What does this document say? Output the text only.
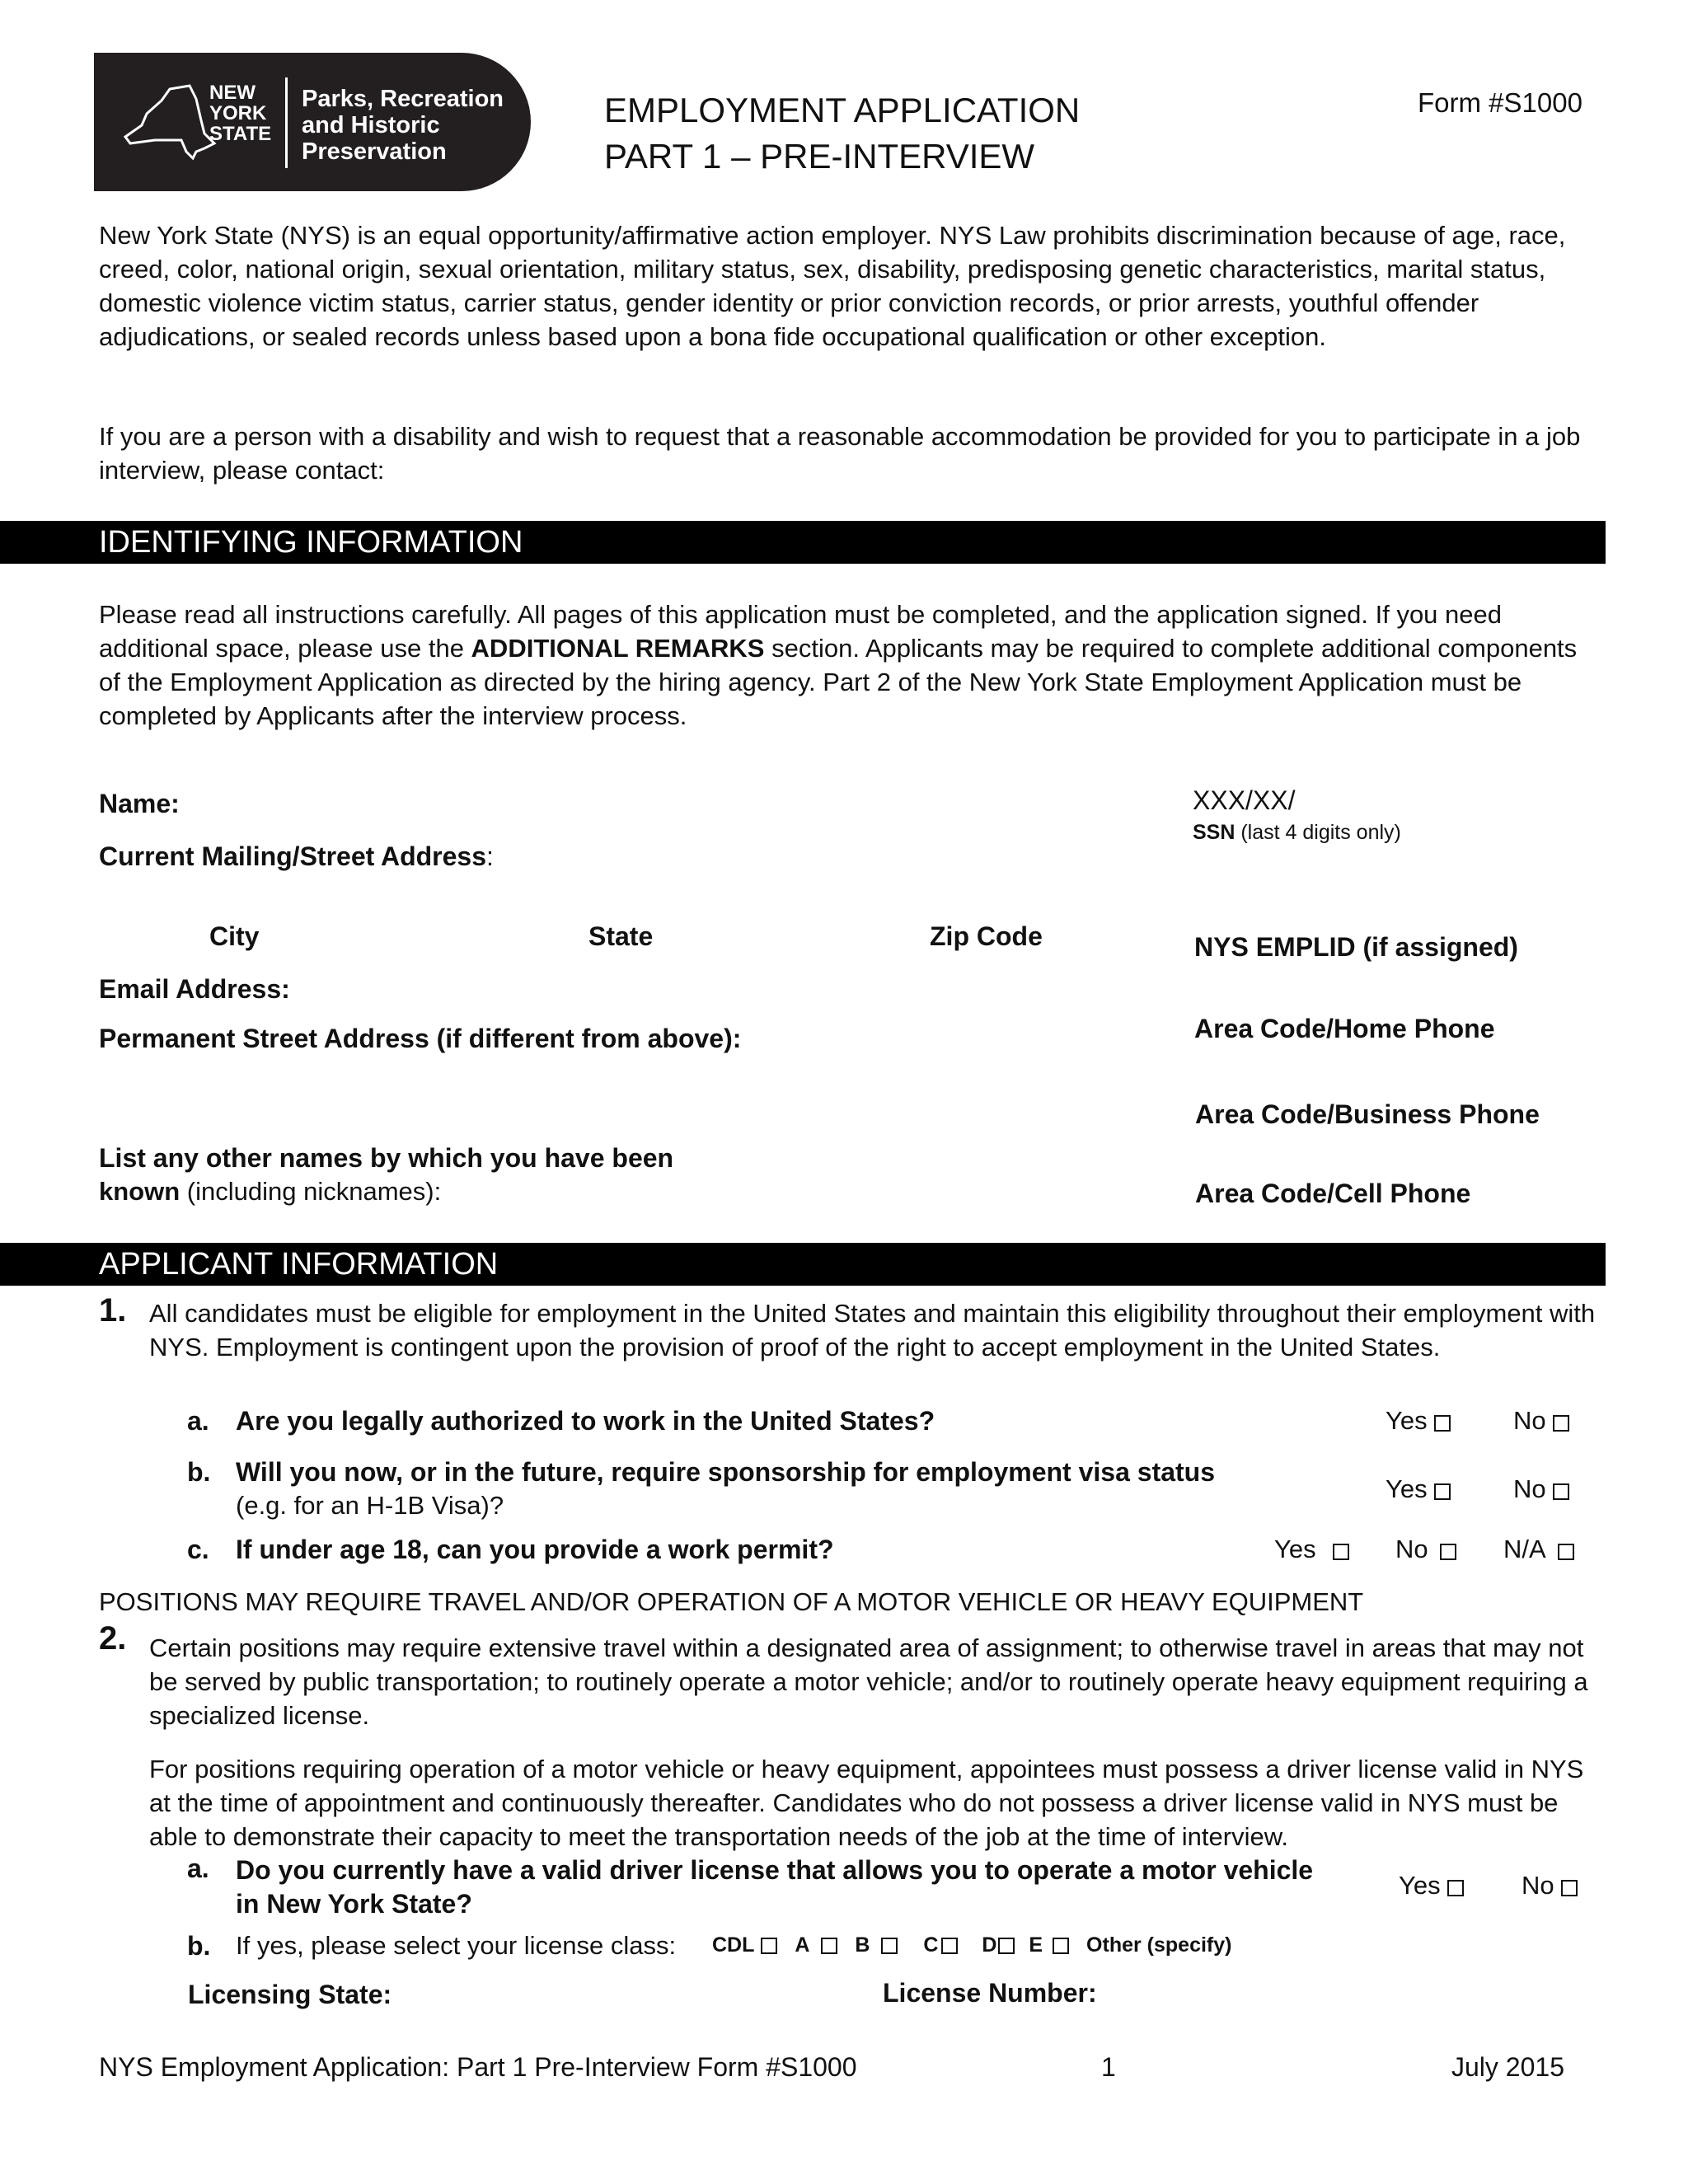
NEW
YORK
STATE
Parks, Recreation
and Historic
Preservation
EMPLOYMENT APPLICATION
PART 1 – PRE-INTERVIEW
Form #S1000
New York State (NYS) is an equal opportunity/affirmative action employer. NYS Law prohibits discrimination because of age, race, creed, color, national origin, sexual orientation, military status, sex, disability, predisposing genetic characteristics, marital status, domestic violence victim status, carrier status, gender identity or prior conviction records, or prior arrests, youthful offender adjudications, or sealed records unless based upon a bona fide occupational qualification or other exception.
If you are a person with a disability and wish to request that a reasonable accommodation be provided for you to participate in a job interview, please contact:
IDENTIFYING INFORMATION
Please read all instructions carefully. All pages of this application must be completed, and the application signed. If you need additional space, please use the ADDITIONAL REMARKS section. Applicants may be required to complete additional components of the Employment Application as directed by the hiring agency. Part 2 of the New York State Employment Application must be completed by Applicants after the interview process.
Name:
Current Mailing/Street Address:
XXX/XX/
SSN (last 4 digits only)
City	State	Zip Code	NYS EMPLID (if assigned)
Email Address:
Permanent Street Address (if different from above):	Area Code/Home Phone
Area Code/Business Phone
List any other names by which you have been
known (including nicknames):	Area Code/Cell Phone
APPLICANT INFORMATION
1. All candidates must be eligible for employment in the United States and maintain this eligibility throughout their employment with NYS. Employment is contingent upon the provision of proof of the right to accept employment in the United States.
a. Are you legally authorized to work in the United States?	Yes	No
b. Will you now, or in the future, require sponsorship for employment visa status
(e.g. for an H-1B Visa)?
Yes	No
c. If under age 18, can you provide a work permit?	Yes	No	N/A
POSITIONS MAY REQUIRE TRAVEL AND/OR OPERATION OF A MOTOR VEHICLE OR HEAVY EQUIPMENT
2. Certain positions may require extensive travel within a designated area of assignment; to otherwise travel in areas that may not be served by public transportation; to routinely operate a motor vehicle; and/or to routinely operate heavy equipment requiring a specialized license.
For positions requiring operation of a motor vehicle or heavy equipment, appointees must possess a driver license valid in NYS at the time of appointment and continuously thereafter. Candidates who do not possess a driver license valid in NYS must be able to demonstrate their capacity to meet the transportation needs of the job at the time of interview.
a. Do you currently have a valid driver license that allows you to operate a motor vehicle
in New York State?
Yes	No
b. If yes, please select your license class: CDL A B	C D E Other (specify)
Licensing State:	License Number:
NYS Employment Application: Part 1 Pre-Interview Form #S1000	1	July 2015
